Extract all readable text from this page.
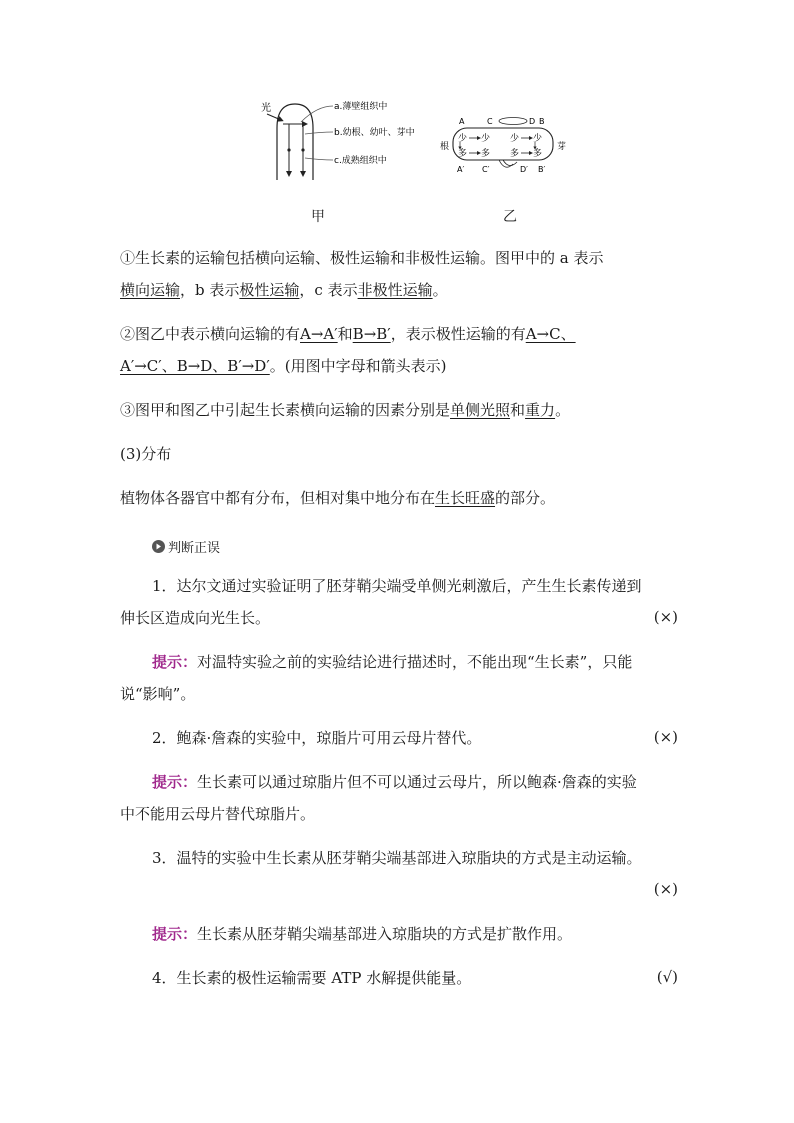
光	a.薄壁组织中
b.幼根、幼叶、芽中
c.成熟组织中
A	C	D B
根	芽
少 少 少 少
多 多 多 多
A′ C′	D′ B′
甲	乙
①生长素的运输包括横向运输、极性运输和非极性运输。图甲中的 a 表示
横向运输，b 表示极性运输，c 表示非极性运输。
②图乙中表示横向运输的有A→A′和B→B′，表示极性运输的有A→C、
A′→C′、B→D、B′→D′。(用图中字母和箭头表示)
③图甲和图乙中引起生长素横向运输的因素分别是单侧光照和重力。
(3)分布
植物体各器官中都有分布，但相对集中地分布在生长旺盛的部分。
判断正误
1．达尔文通过实验证明了胚芽鞘尖端受单侧光刺激后，产生生长素传递到
伸长区造成向光生长。	(×)
提示：对温特实验之前的实验结论进行描述时，不能出现“生长素”，只能
说“影响”。
2．鲍森·詹森的实验中，琼脂片可用云母片替代。	(×)
提示：生长素可以通过琼脂片但不可以通过云母片，所以鲍森·詹森的实验
中不能用云母片替代琼脂片。
3．温特的实验中生长素从胚芽鞘尖端基部进入琼脂块的方式是主动运输。
(×)
提示：生长素从胚芽鞘尖端基部进入琼脂块的方式是扩散作用。
4．生长素的极性运输需要 ATP 水解提供能量。	(√)
